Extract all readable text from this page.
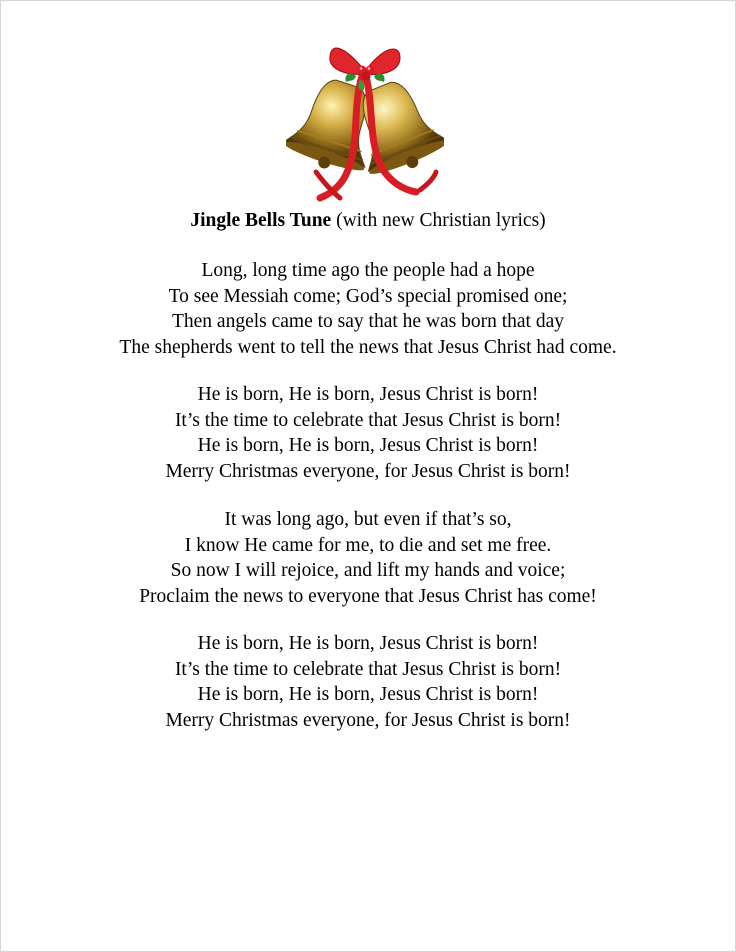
Jingle Bells Tune (with new Christian lyrics)
Long, long time ago the people had a hope
To see Messiah come; God’s special promised one;
Then angels came to say that he was born that day
The shepherds went to tell the news that Jesus Christ had come.
He is born, He is born, Jesus Christ is born!
It’s the time to celebrate that Jesus Christ is born!
He is born, He is born, Jesus Christ is born!
Merry Christmas everyone, for Jesus Christ is born!
It was long ago, but even if that’s so,
I know He came for me, to die and set me free.
So now I will rejoice, and lift my hands and voice;
Proclaim the news to everyone that Jesus Christ has come!
He is born, He is born, Jesus Christ is born!
It’s the time to celebrate that Jesus Christ is born!
He is born, He is born, Jesus Christ is born!
Merry Christmas everyone, for Jesus Christ is born!
